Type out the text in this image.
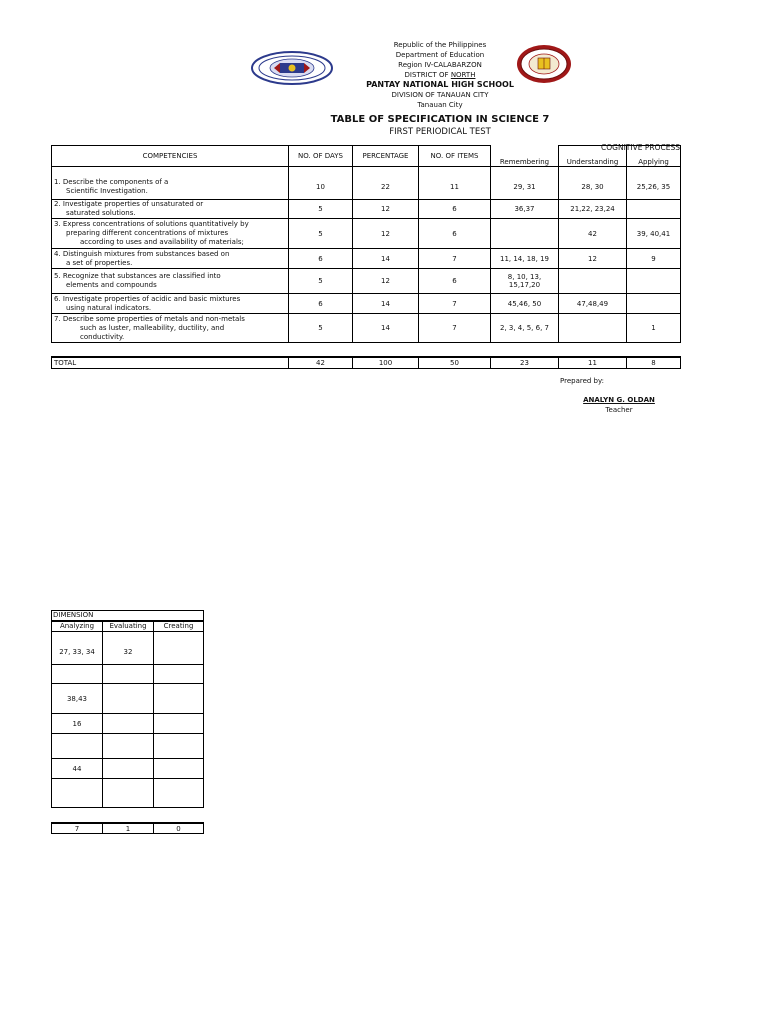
Republic of the Philippines
Department of Education
Region IV-CALABARZON
DISTRICT OF NORTH
PANTAY NATIONAL HIGH SCHOOL
DIVISION OF TANAUAN CITY
Tanauan City
TABLE OF SPECIFICATION IN SCIENCE 7
FIRST PERIODICAL TEST
COGNITIVE PROCESS
COMPETENCIES	NO. OF DAYS	PERCENTAGE	NO. OF ITEMS	Remembering	Understanding	Applying

1. Describe the components of a
Scientific Investigation.	10	22	11	29, 31	28, 30	25,26, 35
2. Investigate properties of unsaturated or
saturated solutions.	5	12	6	36,37	21,22, 23,24	
3. Express concentrations of solutions quantitatively by
preparing different concentrations of mixtures
according to uses and availability of materials;	5	12	6		42	39, 40,41
4. Distinguish mixtures from substances based on
a set of properties.	6	14	7	11, 14, 18, 19	12	9
5. Recognize that substances are classified into
elements and compounds	5	12	6	8, 10, 13, 15,17,20		
6. Investigate properties of acidic and basic mixtures
using natural indicators.	6	14	7	45,46, 50	47,48,49	
7. Describe some properties of metals and non-metals
such as luster, malleability, ductility, and
conductivity.	5	14	7	2, 3, 4, 5, 6, 7		1
TOTAL	42	100	50	23	11	8
Prepared by:
ANALYN G. OLDAN
Teacher
DIMENSION		
Analyzing	Evaluating	Creating

27, 33, 34	32	

38,43		
16		

44		

7	1	0
